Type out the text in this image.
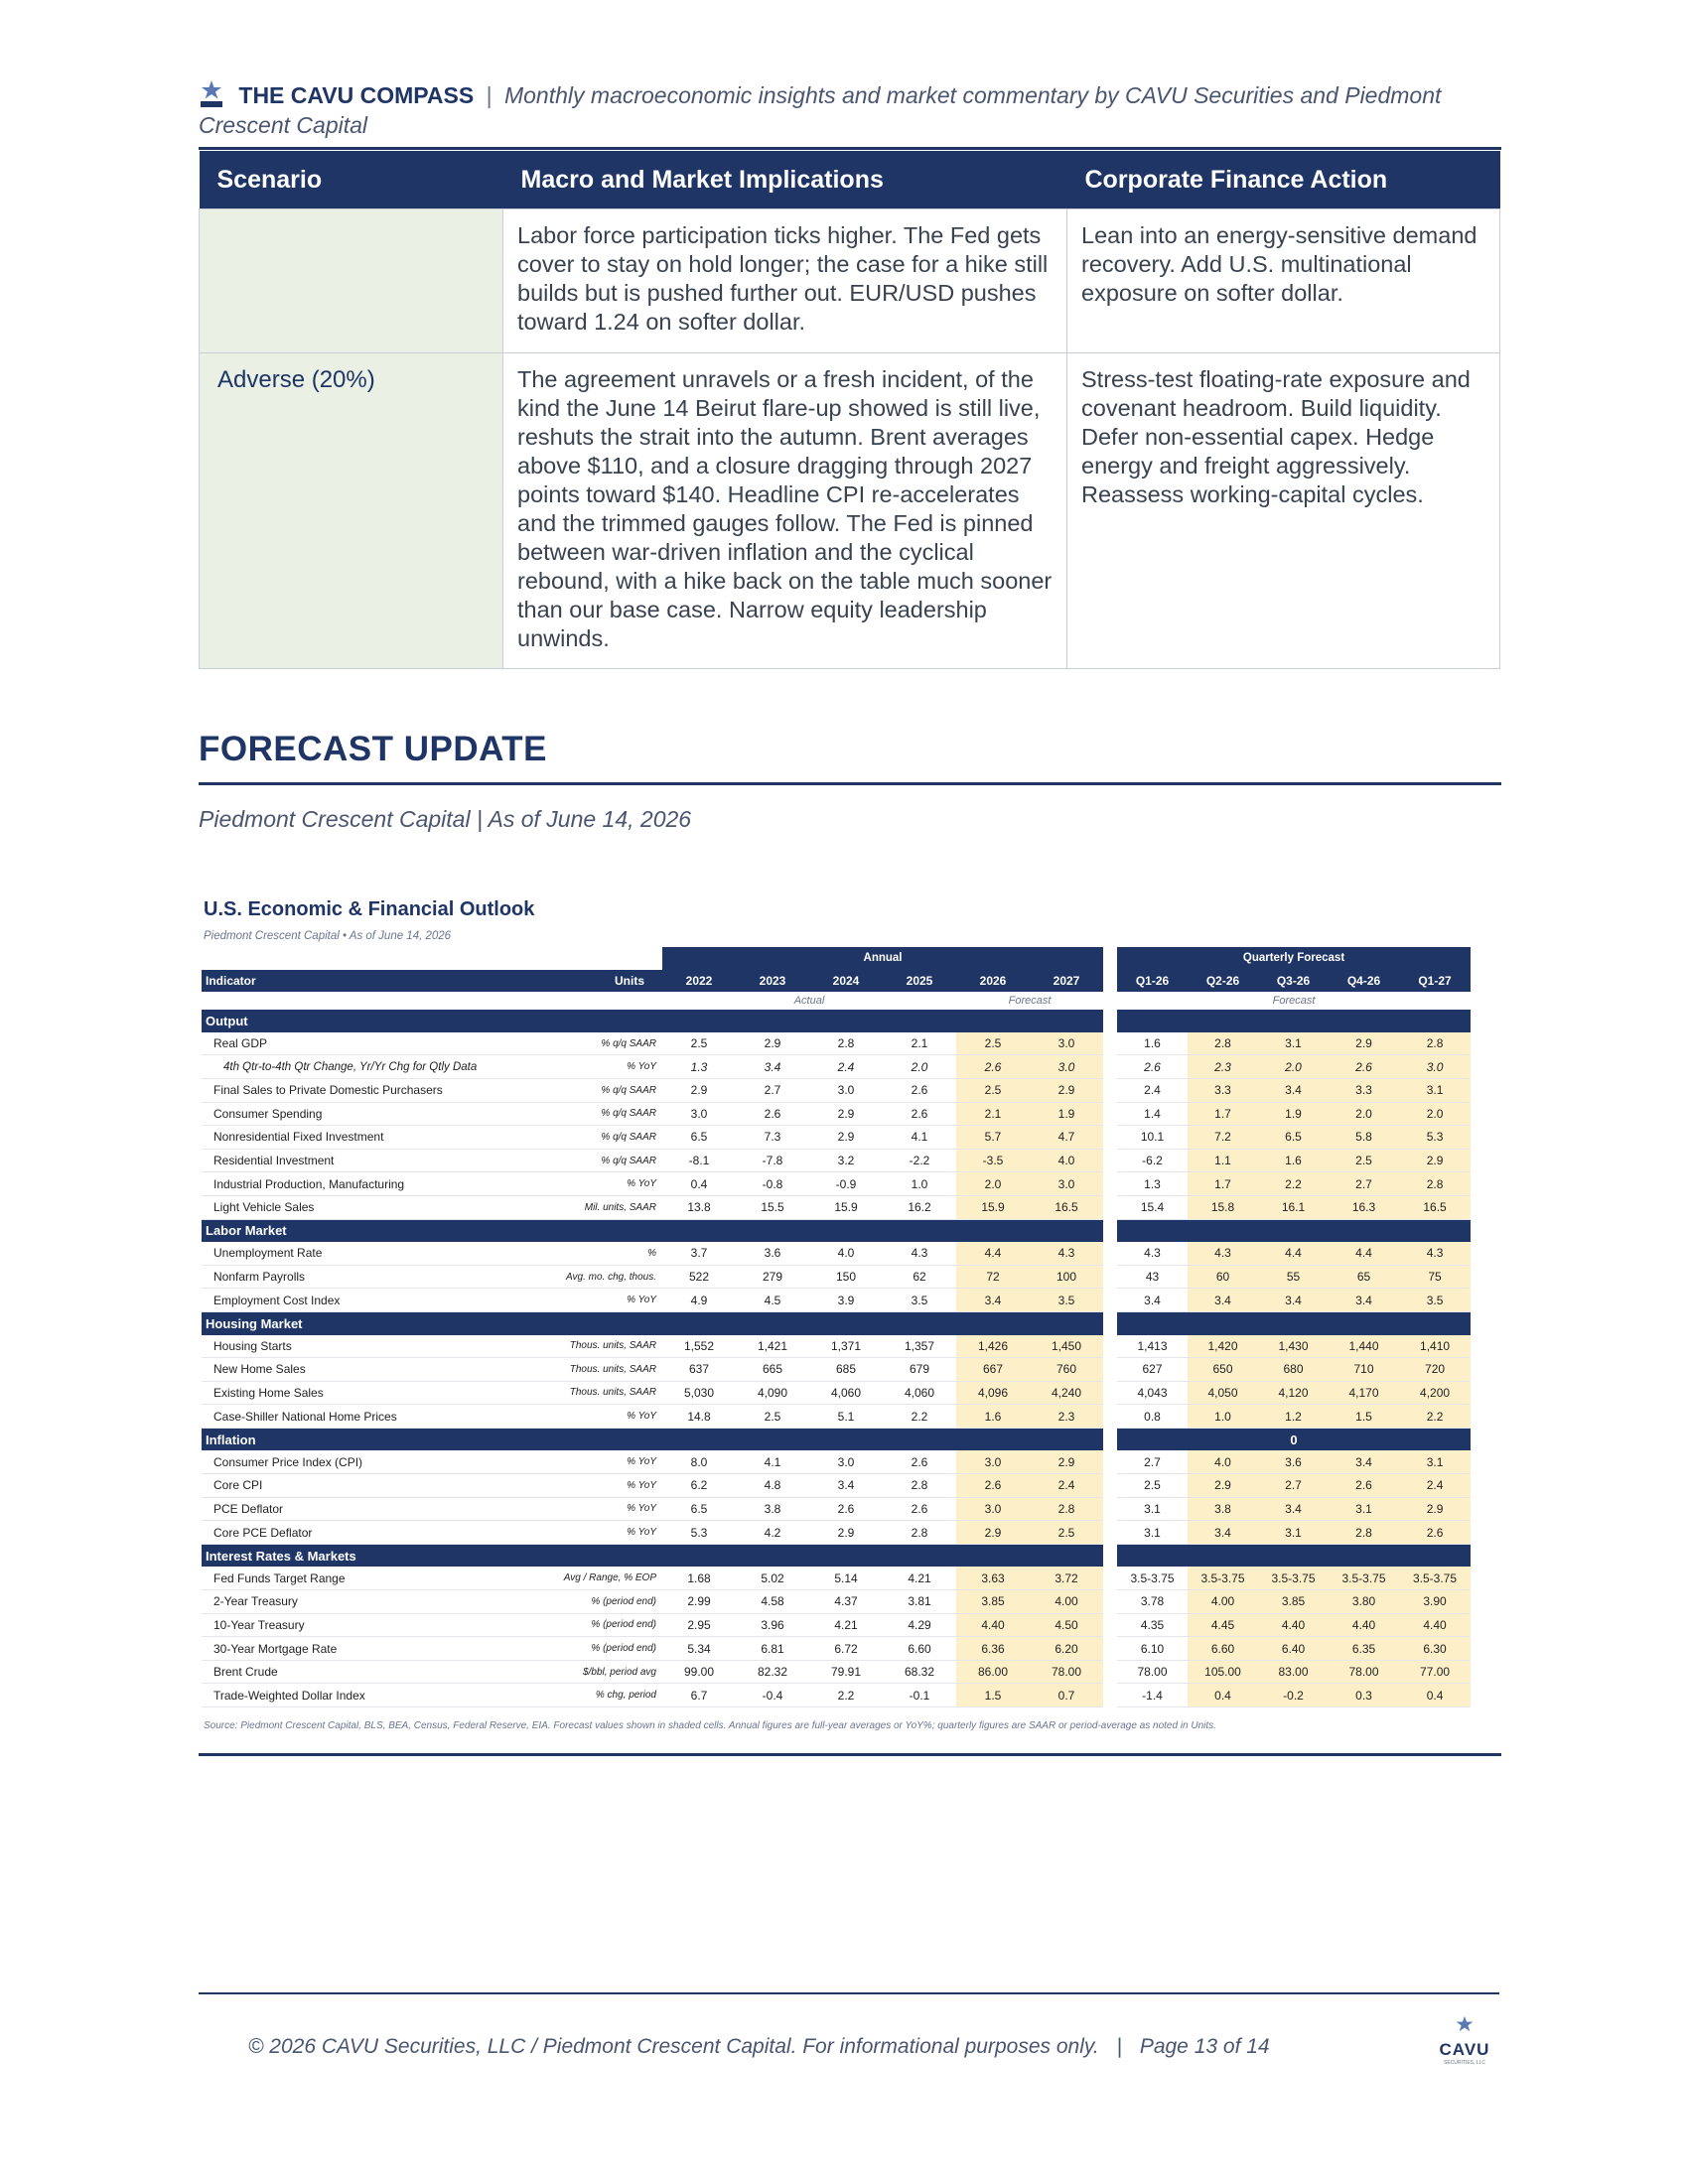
THE CAVU COMPASS | Monthly macroeconomic insights and market commentary by CAVU Securities and Piedmont Crescent Capital
Scenario	Macro and Market Implications	Corporate Finance Action
	Labor force participation ticks higher. The Fed gets cover to stay on hold longer; the case for a hike still builds but is pushed further out. EUR/USD pushes toward 1.24 on softer dollar.	Lean into an energy-sensitive demand recovery. Add U.S. multinational exposure on softer dollar.
Adverse (20%)	The agreement unravels or a fresh incident, of the kind the June 14 Beirut flare-up showed is still live, reshuts the strait into the autumn. Brent averages above $110, and a closure dragging through 2027 points toward $140. Headline CPI re-accelerates and the trimmed gauges follow. The Fed is pinned between war-driven inflation and the cyclical rebound, with a hike back on the table much sooner than our base case. Narrow equity leadership unwinds.	Stress-test floating-rate exposure and covenant headroom. Build liquidity. Defer non-essential capex. Hedge energy and freight aggressively. Reassess working-capital cycles.
FORECAST UPDATE
Piedmont Crescent Capital | As of June 14, 2026
U.S. Economic & Financial Outlook
Piedmont Crescent Capital • As of June 14, 2026
		Annual							Quarterly Forecast				
Indicator	Units	2022	2023	2024	2025	2026	2027		Q1-26	Q2-26	Q3-26	Q4-26	Q1-27
		Actual				Forecast			Forecast				
Output													
Real GDP	% q/q SAAR	2.5	2.9	2.8	2.1	2.5	3.0		1.6	2.8	3.1	2.9	2.8
4th Qtr-to-4th Qtr Change, Yr/Yr Chg for Qtly Data	% YoY	1.3	3.4	2.4	2.0	2.6	3.0		2.6	2.3	2.0	2.6	3.0
Final Sales to Private Domestic Purchasers	% q/q SAAR	2.9	2.7	3.0	2.6	2.5	2.9		2.4	3.3	3.4	3.3	3.1
Consumer Spending	% q/q SAAR	3.0	2.6	2.9	2.6	2.1	1.9		1.4	1.7	1.9	2.0	2.0
Nonresidential Fixed Investment	% q/q SAAR	6.5	7.3	2.9	4.1	5.7	4.7		10.1	7.2	6.5	5.8	5.3
Residential Investment	% q/q SAAR	-8.1	-7.8	3.2	-2.2	-3.5	4.0		-6.2	1.1	1.6	2.5	2.9
Industrial Production, Manufacturing	% YoY	0.4	-0.8	-0.9	1.0	2.0	3.0		1.3	1.7	2.2	2.7	2.8
Light Vehicle Sales	Mil. units, SAAR	13.8	15.5	15.9	16.2	15.9	16.5		15.4	15.8	16.1	16.3	16.5
Labor Market													
Unemployment Rate	%	3.7	3.6	4.0	4.3	4.4	4.3		4.3	4.3	4.4	4.4	4.3
Nonfarm Payrolls	Avg. mo. chg, thous.	522	279	150	62	72	100		43	60	55	65	75
Employment Cost Index	% YoY	4.9	4.5	3.9	3.5	3.4	3.5		3.4	3.4	3.4	3.4	3.5
Housing Market													
Housing Starts	Thous. units, SAAR	1,552	1,421	1,371	1,357	1,426	1,450		1,413	1,420	1,430	1,440	1,410
New Home Sales	Thous. units, SAAR	637	665	685	679	667	760		627	650	680	710	720
Existing Home Sales	Thous. units, SAAR	5,030	4,090	4,060	4,060	4,096	4,240		4,043	4,050	4,120	4,170	4,200
Case-Shiller National Home Prices	% YoY	14.8	2.5	5.1	2.2	1.6	2.3		0.8	1.0	1.2	1.5	2.2
Inflation									0				
Consumer Price Index (CPI)	% YoY	8.0	4.1	3.0	2.6	3.0	2.9		2.7	4.0	3.6	3.4	3.1
Core CPI	% YoY	6.2	4.8	3.4	2.8	2.6	2.4		2.5	2.9	2.7	2.6	2.4
PCE Deflator	% YoY	6.5	3.8	2.6	2.6	3.0	2.8		3.1	3.8	3.4	3.1	2.9
Core PCE Deflator	% YoY	5.3	4.2	2.9	2.8	2.9	2.5		3.1	3.4	3.1	2.8	2.6
Interest Rates & Markets													
Fed Funds Target Range	Avg / Range, % EOP	1.68	5.02	5.14	4.21	3.63	3.72		3.5-3.75	3.5-3.75	3.5-3.75	3.5-3.75	3.5-3.75
2-Year Treasury	% (period end)	2.99	4.58	4.37	3.81	3.85	4.00		3.78	4.00	3.85	3.80	3.90
10-Year Treasury	% (period end)	2.95	3.96	4.21	4.29	4.40	4.50		4.35	4.45	4.40	4.40	4.40
30-Year Mortgage Rate	% (period end)	5.34	6.81	6.72	6.60	6.36	6.20		6.10	6.60	6.40	6.35	6.30
Brent Crude	$/bbl, period avg	99.00	82.32	79.91	68.32	86.00	78.00		78.00	105.00	83.00	78.00	77.00
Trade-Weighted Dollar Index	% chg, period	6.7	-0.4	2.2	-0.1	1.5	0.7		-1.4	0.4	-0.2	0.3	0.4
Source: Piedmont Crescent Capital, BLS, BEA, Census, Federal Reserve, EIA. Forecast values shown in shaded cells. Annual figures are full-year averages or YoY%; quarterly figures are SAAR or period-average as noted in Units.
© 2026 CAVU Securities, LLC / Piedmont Crescent Capital. For informational purposes only. | Page 13 of 14	CAVU
SECURITIES, LLC
